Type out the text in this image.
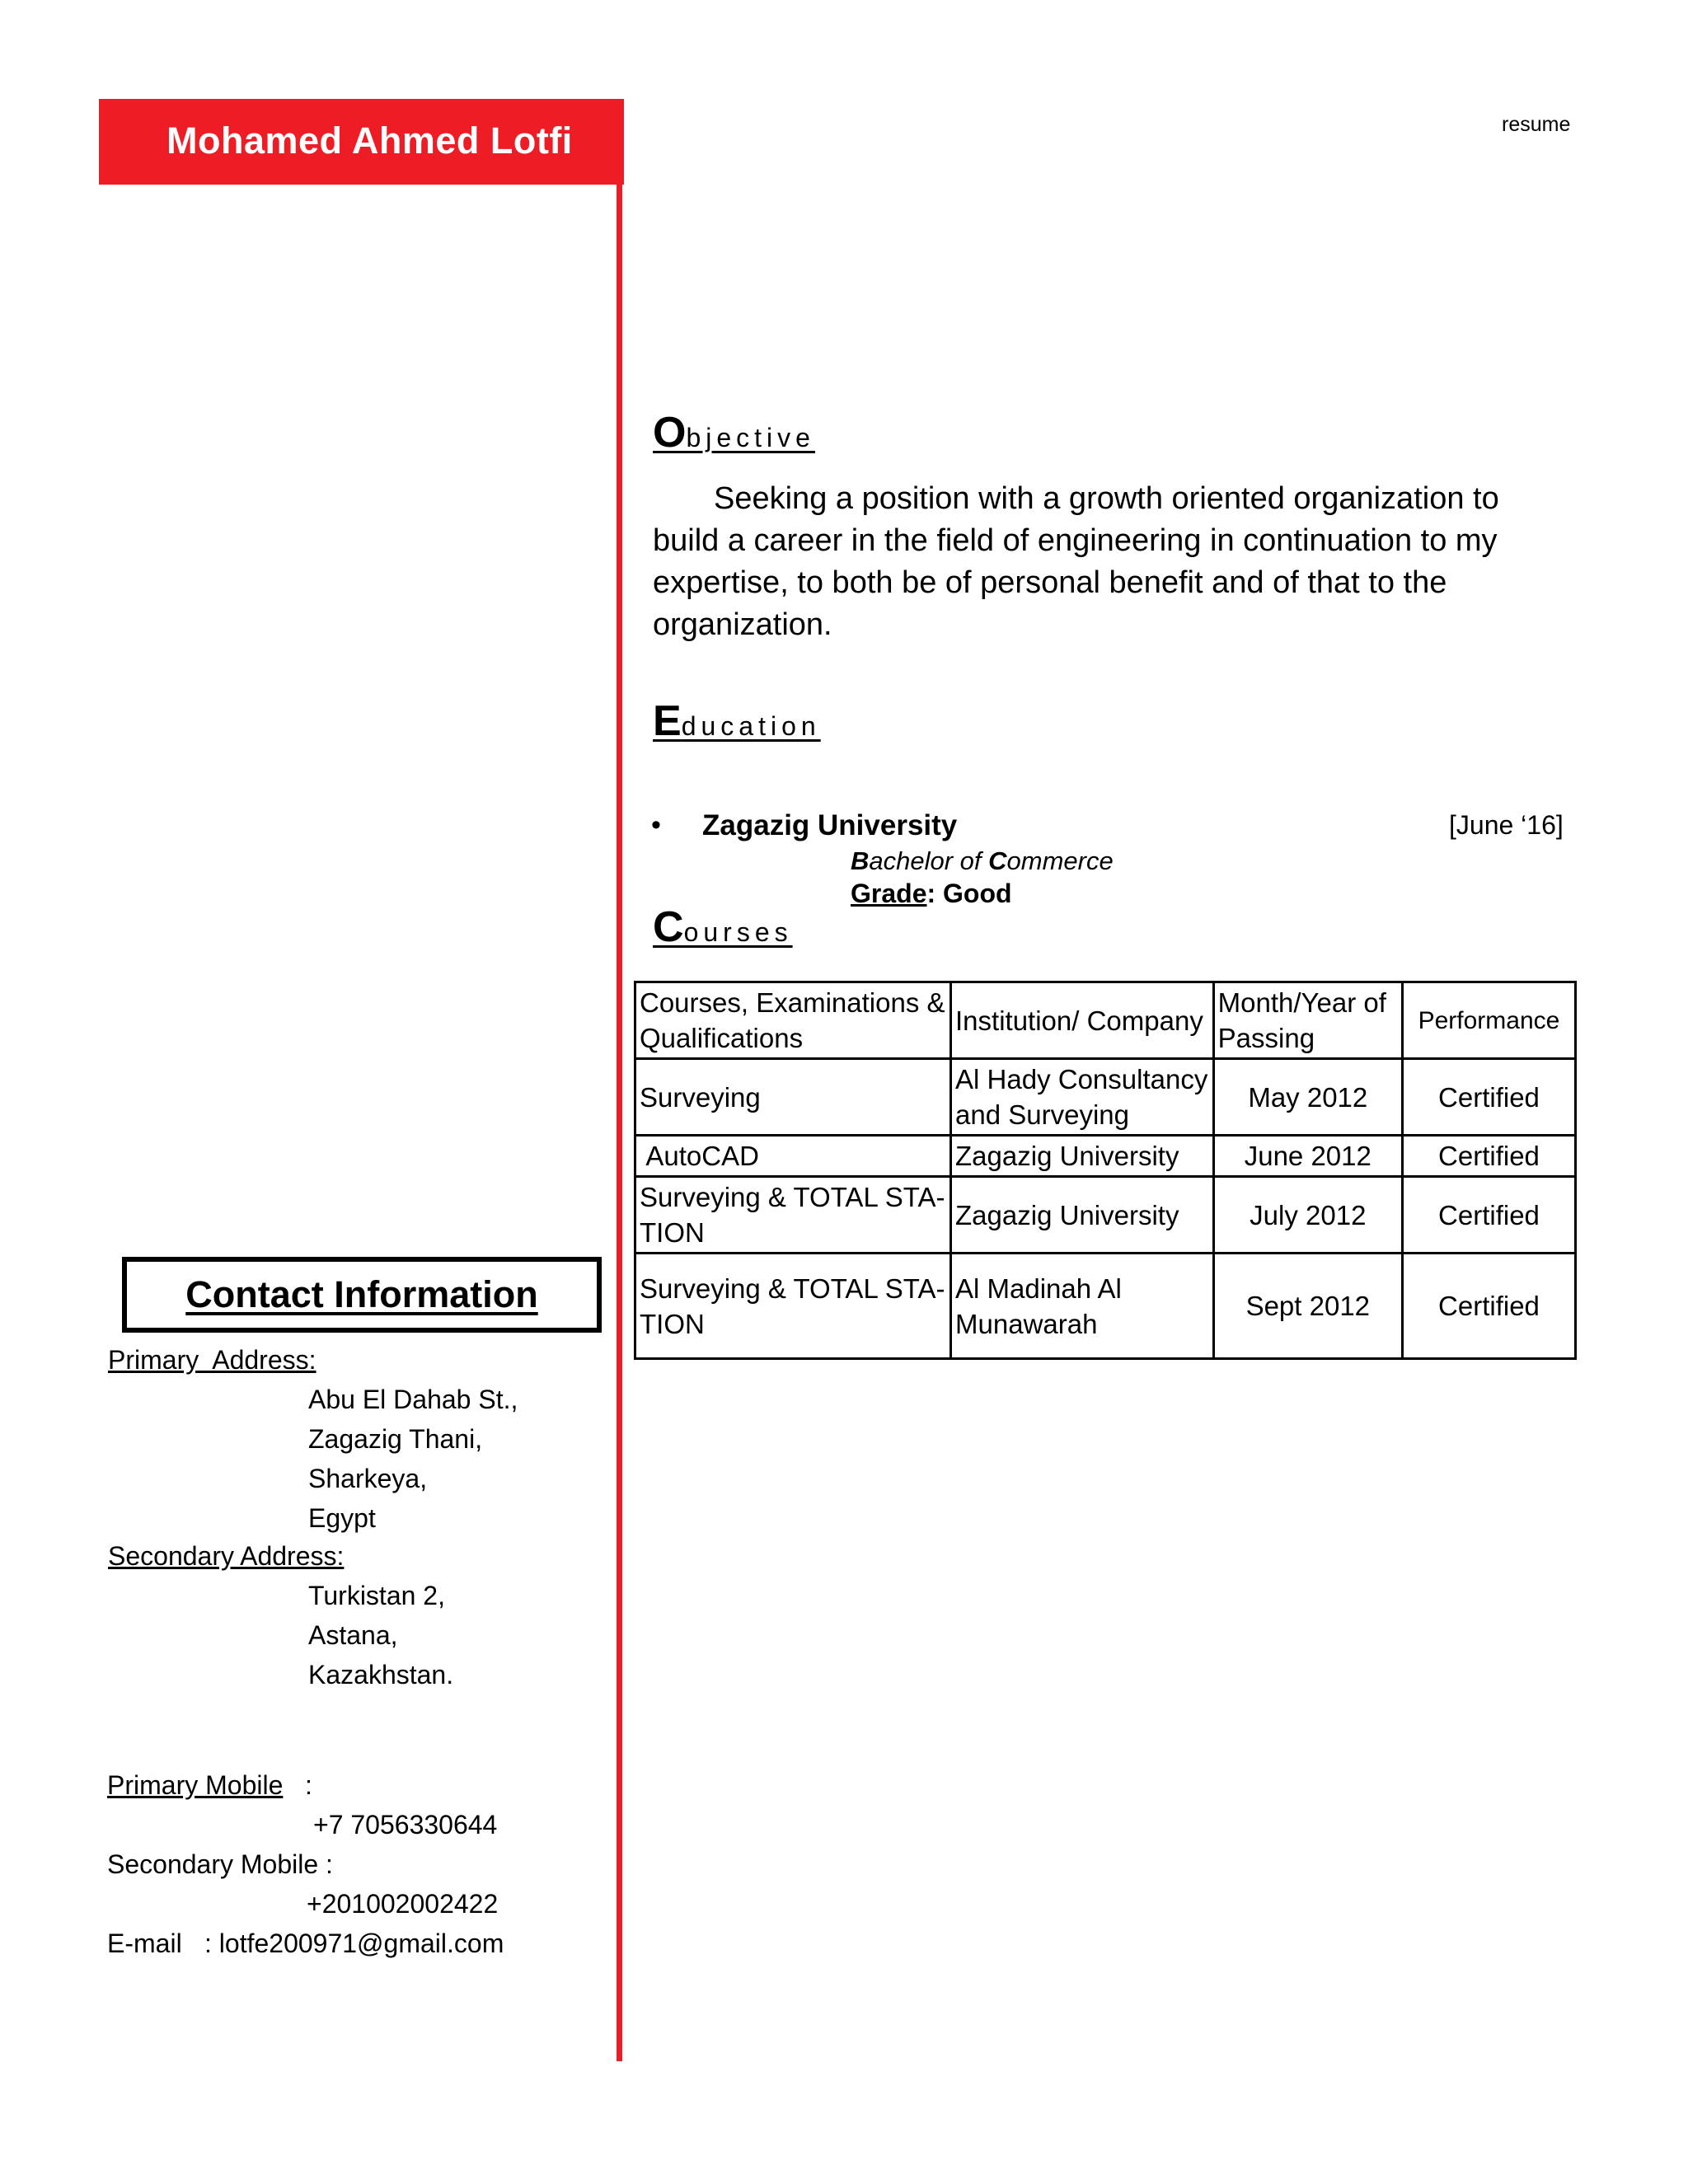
Mohamed Ahmed Lotfi	resume
Objective
Seeking a position with a growth oriented organization to build a career in the field of engineering in continuation to my expertise, to both be of personal benefit and of that to the organization.
Education
• Zagazig University	[June ‘16]
Bachelor of Commerce
Grade: Good
Courses
Courses, Examinations & Qualifications	Institution/ Company	Month/Year of Passing	Performance
Surveying	Al Hady Consultancy and Surveying	May 2012	Certified
AutoCAD	Zagazig University	June 2012	Certified
Surveying & TOTAL STA-TION	Zagazig University	July 2012	Certified
Surveying & TOTAL STA-TION	Al Madinah Al Munawarah	Sept 2012	Certified
Contact Information
Primary  Address:
Abu El Dahab St.,
Zagazig Thani,
Sharkeya,
Egypt
Secondary Address:
Turkistan 2,
Astana,
Kazakhstan.
Primary Mobile :
+7 7056330644
Secondary Mobile :
+201002002422
E-mail : lotfe200971@gmail.com
